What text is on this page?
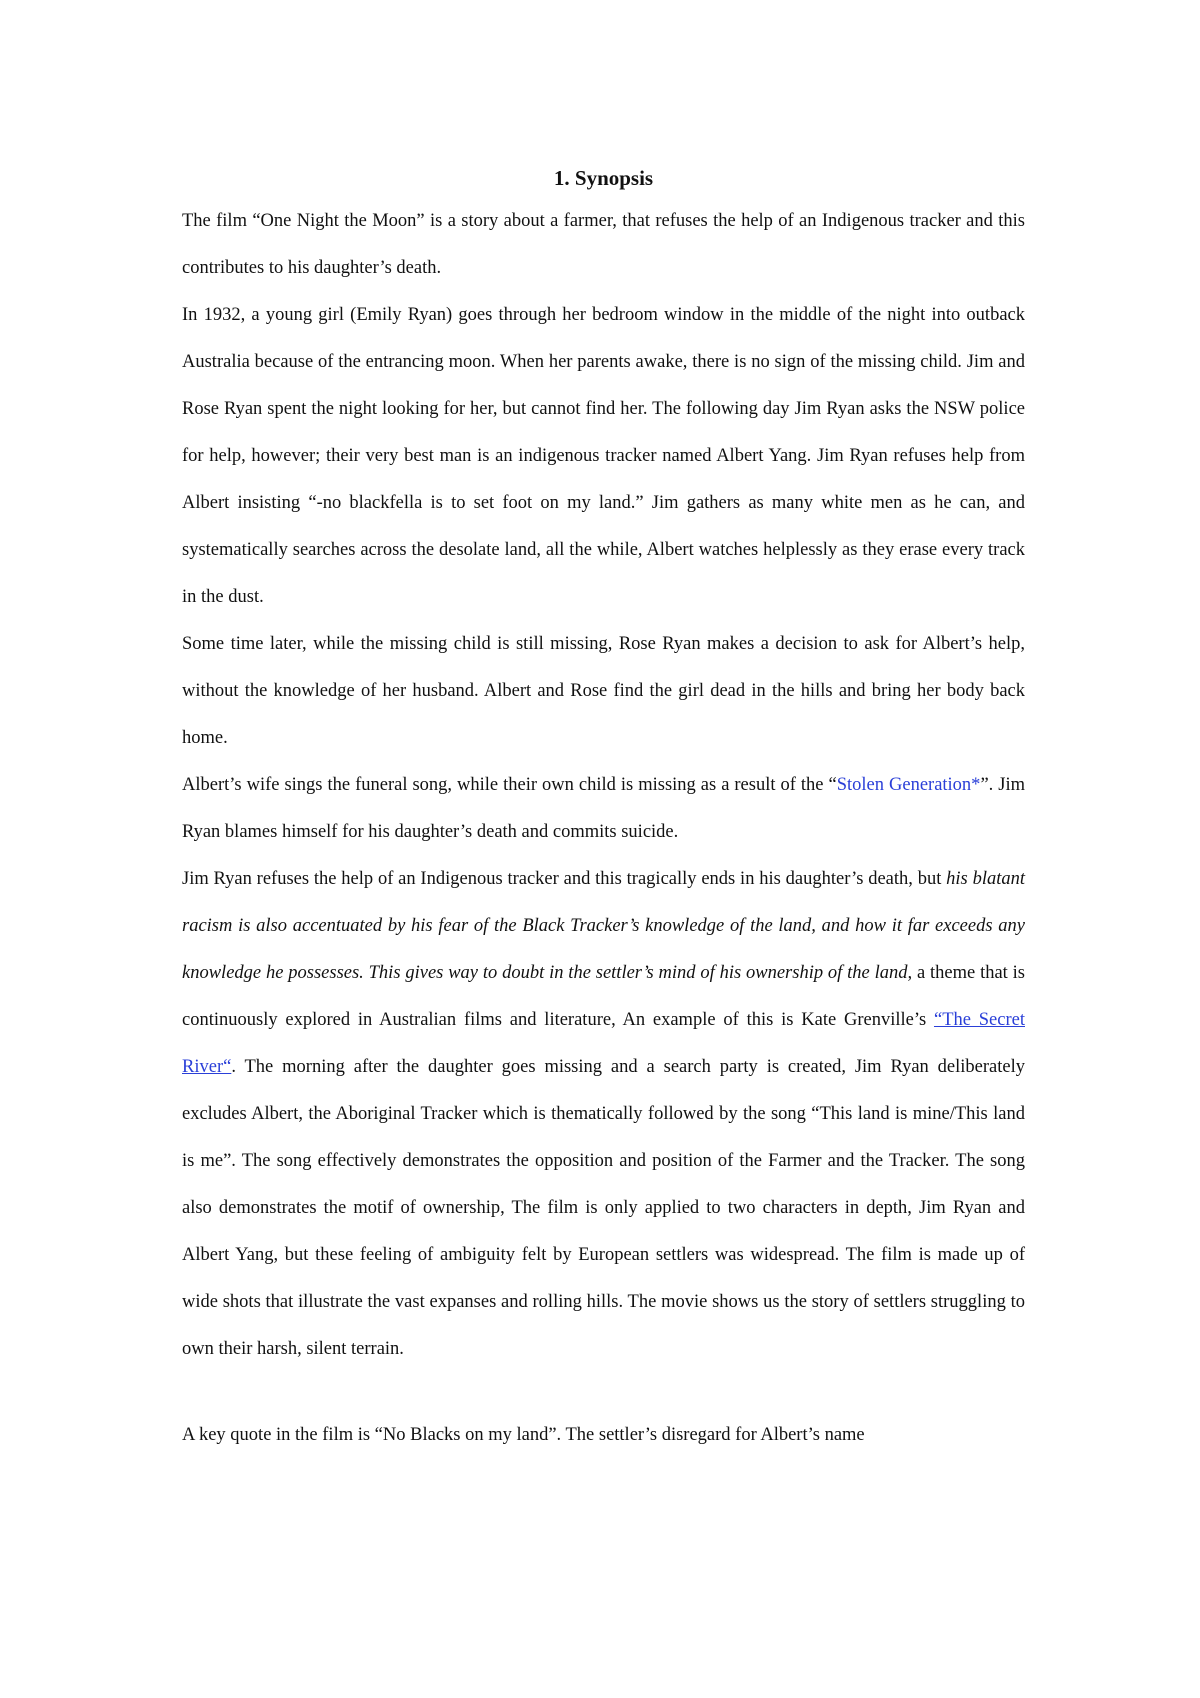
1. Synopsis

The film “One Night the Moon” is a story about a farmer, that refuses the help of an Indigenous tracker and this contributes to his daughter’s death.

In 1932, a young girl (Emily Ryan) goes through her bedroom window in the middle of the night into outback Australia because of the entrancing moon. When her parents awake, there is no sign of the missing child. Jim and Rose Ryan spent the night looking for her, but cannot find her. The following day Jim Ryan asks the NSW police for help, however; their very best man is an indigenous tracker named Albert Yang. Jim Ryan refuses help from Albert insisting “-no blackfella is to set foot on my land.” Jim gathers as many white men as he can, and systematically searches across the desolate land, all the while, Albert watches helplessly as they erase every track in the dust.

Some time later, while the missing child is still missing, Rose Ryan makes a decision to ask for Albert’s help, without the knowledge of her husband. Albert and Rose find the girl dead in the hills and bring her body back home.

Albert’s wife sings the funeral song, while their own child is missing as a result of the “Stolen Generation*”. Jim Ryan blames himself for his daughter’s death and commits suicide.

Jim Ryan refuses the help of an Indigenous tracker and this tragically ends in his daughter’s death, but his blatant racism is also accentuated by his fear of the Black Tracker’s knowledge of the land, and how it far exceeds any knowledge he possesses. This gives way to doubt in the settler’s mind of his ownership of the land, a theme that is continuously explored in Australian films and literature, An example of this is Kate Grenville’s “The Secret River“. The morning after the daughter goes missing and a search party is created, Jim Ryan deliberately excludes Albert, the Aboriginal Tracker which is thematically followed by the song “This land is mine/This land is me”. The song effectively demonstrates the opposition and position of the Farmer and the Tracker. The song also demonstrates the motif of ownership, The film is only applied to two characters in depth, Jim Ryan and Albert Yang, but these feeling of ambiguity felt by European settlers was widespread. The film is made up of wide shots that illustrate the vast expanses and rolling hills. The movie shows us the story of settlers struggling to own their harsh, silent terrain.

A key quote in the film is “No Blacks on my land”. The settler’s disregard for Albert’s name
